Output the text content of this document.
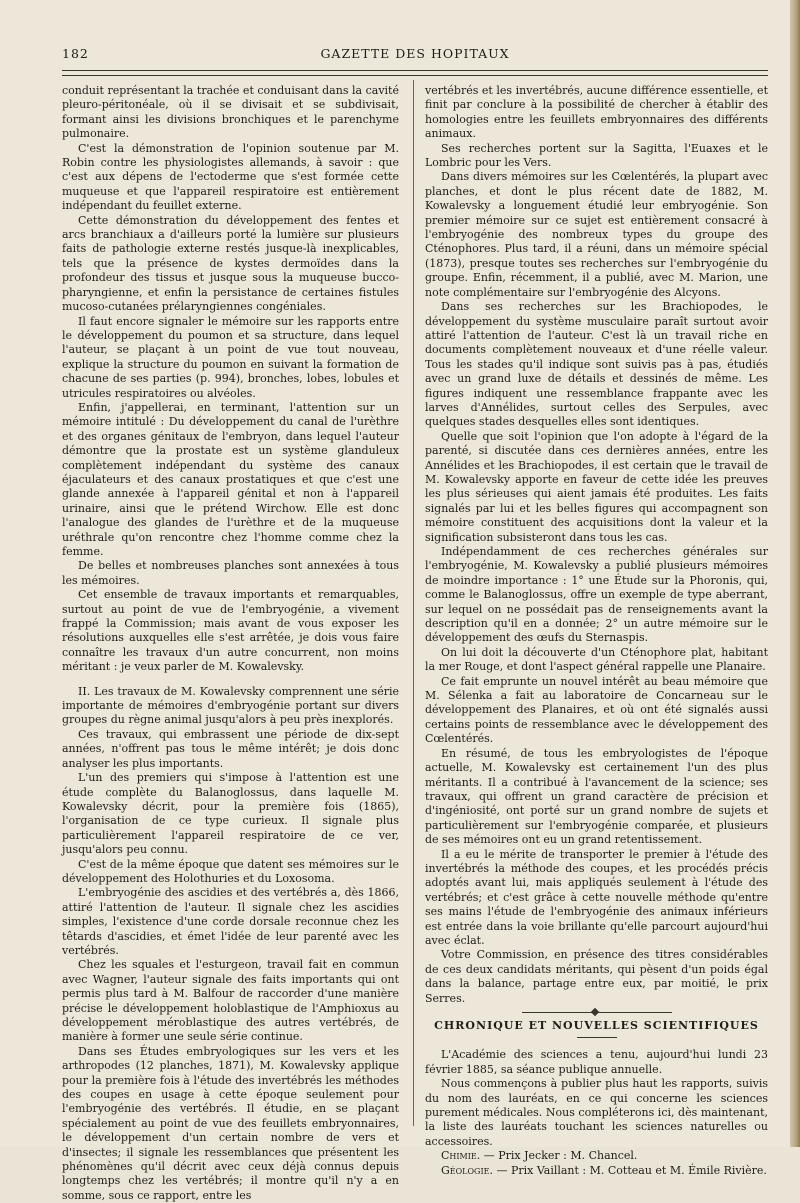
182	GAZETTE DES HOPITAUX

conduit représentant la trachée et conduisant dans la cavité pleuro-péritonéale, où il se divisait et se subdivisait, formant ainsi les divisions bronchiques et le parenchyme pulmonaire.

C'est la démonstration de l'opinion soutenue par M. Robin contre les physiologistes allemands, à savoir : que c'est aux dépens de l'ectoderme que s'est formée cette muqueuse et que l'appareil respiratoire est entièrement indépendant du feuillet externe.

Cette démonstration du développement des fentes et arcs branchiaux a d'ailleurs porté la lumière sur plusieurs faits de pathologie externe restés jusque-là inexplicables, tels que la présence de kystes dermoïdes dans la profondeur des tissus et jusque sous la muqueuse bucco-pharyngienne, et enfin la persistance de certaines fistules mucoso-cutanées prélaryngiennes congéniales.

Il faut encore signaler le mémoire sur les rapports entre le développement du poumon et sa structure, dans lequel l'auteur, se plaçant à un point de vue tout nouveau, explique la structure du poumon en suivant la formation de chacune de ses parties (p. 994), bronches, lobes, lobules et utricules respiratoires ou alvéoles.

Enfin, j'appellerai, en terminant, l'attention sur un mémoire intitulé : Du développement du canal de l'urèthre et des organes génitaux de l'embryon, dans lequel l'auteur démontre que la prostate est un système glanduleux complètement indépendant du système des canaux éjaculateurs et des canaux prostatiques et que c'est une glande annexée à l'appareil génital et non à l'appareil urinaire, ainsi que le prétend Wirchow. Elle est donc l'analogue des glandes de l'urèthre et de la muqueuse uréthrale qu'on rencontre chez l'homme comme chez la femme.

De belles et nombreuses planches sont annexées à tous les mémoires.

Cet ensemble de travaux importants et remarquables, surtout au point de vue de l'embryogénie, a vivement frappé la Commission; mais avant de vous exposer les résolutions auxquelles elle s'est arrêtée, je dois vous faire connaître les travaux d'un autre concurrent, non moins méritant : je veux parler de M. Kowalevsky.

II. Les travaux de M. Kowalevsky comprennent une série importante de mémoires d'embryogénie portant sur divers groupes du règne animal jusqu'alors à peu près inexplorés.

Ces travaux, qui embrassent une période de dix-sept années, n'offrent pas tous le même intérêt; je dois donc analyser les plus importants.

L'un des premiers qui s'impose à l'attention est une étude complète du Balanoglossus, dans laquelle M. Kowalevsky décrit, pour la première fois (1865), l'organisation de ce type curieux. Il signale plus particulièrement l'appareil respiratoire de ce ver, jusqu'alors peu connu.

C'est de la même époque que datent ses mémoires sur le développement des Holothuries et du Loxosoma.

L'embryogénie des ascidies et des vertébrés a, dès 1866, attiré l'attention de l'auteur. Il signale chez les ascidies simples, l'existence d'une corde dorsale reconnue chez les têtards d'ascidies, et émet l'idée de leur parenté avec les vertébrés.

Chez les squales et l'esturgeon, travail fait en commun avec Wagner, l'auteur signale des faits importants qui ont permis plus tard à M. Balfour de raccorder d'une manière précise le développement holoblastique de l'Amphioxus au développement méroblastique des autres vertébrés, de manière à former une seule série continue.

Dans ses Études embryologiques sur les vers et les arthropodes (12 planches, 1871), M. Kowalevsky applique pour la première fois à l'étude des invertébrés les méthodes des coupes en usage à cette époque seulement pour l'embryogénie des vertébrés. Il étudie, en se plaçant spécialement au point de vue des feuillets embryonnaires, le développement d'un certain nombre de vers et d'insectes; il signale les ressemblances que présentent les phénomènes qu'il décrit avec ceux déjà connus depuis longtemps chez les vertébrés; il montre qu'il n'y a en somme, sous ce rapport, entre les

vertébrés et les invertébrés, aucune différence essentielle, et finit par conclure à la possibilité de chercher à établir des homologies entre les feuillets embryonnaires des différents animaux.

Ses recherches portent sur la Sagitta, l'Euaxes et le Lombric pour les Vers.

Dans divers mémoires sur les Cœlentérés, la plupart avec planches, et dont le plus récent date de 1882, M. Kowalevsky a longuement étudié leur embryogénie. Son premier mémoire sur ce sujet est entièrement consacré à l'embryogénie des nombreux types du groupe des Cténophores. Plus tard, il a réuni, dans un mémoire spécial (1873), presque toutes ses recherches sur l'embryogénie du groupe. Enfin, récemment, il a publié, avec M. Marion, une note complémentaire sur l'embryogénie des Alcyons.

Dans ses recherches sur les Brachiopodes, le développement du système musculaire paraît surtout avoir attiré l'attention de l'auteur. C'est là un travail riche en documents complètement nouveaux et d'une réelle valeur. Tous les stades qu'il indique sont suivis pas à pas, étudiés avec un grand luxe de détails et dessinés de même. Les figures indiquent une ressemblance frappante avec les larves d'Annélides, surtout celles des Serpules, avec quelques stades desquelles elles sont identiques.

Quelle que soit l'opinion que l'on adopte à l'égard de la parenté, si discutée dans ces dernières années, entre les Annélides et les Brachiopodes, il est certain que le travail de M. Kowalevsky apporte en faveur de cette idée les preuves les plus sérieuses qui aient jamais été produites. Les faits signalés par lui et les belles figures qui accompagnent son mémoire constituent des acquisitions dont la valeur et la signification subsisteront dans tous les cas.

Indépendamment de ces recherches générales sur l'embryogénie, M. Kowalevsky a publié plusieurs mémoires de moindre importance : 1° une Étude sur la Phoronis, qui, comme le Balanoglossus, offre un exemple de type aberrant, sur lequel on ne possédait pas de renseignements avant la description qu'il en a donnée; 2° un autre mémoire sur le développement des œufs du Sternaspis.

On lui doit la découverte d'un Cténophore plat, habitant la mer Rouge, et dont l'aspect général rappelle une Planaire.

Ce fait emprunte un nouvel intérêt au beau mémoire que M. Sélenka a fait au laboratoire de Concarneau sur le développement des Planaires, et où ont été signalés aussi certains points de ressemblance avec le développement des Cœlentérés.

En résumé, de tous les embryologistes de l'époque actuelle, M. Kowalevsky est certainement l'un des plus méritants. Il a contribué à l'avancement de la science; ses travaux, qui offrent un grand caractère de précision et d'ingéniosité, ont porté sur un grand nombre de sujets et particulièrement sur l'embryogénie comparée, et plusieurs de ses mémoires ont eu un grand retentissement.

Il a eu le mérite de transporter le premier à l'étude des invertébrés la méthode des coupes, et les procédés précis adoptés avant lui, mais appliqués seulement à l'étude des vertébrés; et c'est grâce à cette nouvelle méthode qu'entre ses mains l'étude de l'embryogénie des animaux inférieurs est entrée dans la voie brillante qu'elle parcourt aujourd'hui avec éclat.

Votre Commission, en présence des titres considérables de ces deux candidats méritants, qui pèsent d'un poids égal dans la balance, partage entre eux, par moitié, le prix Serres.

CHRONIQUE ET NOUVELLES SCIENTIFIQUES

L'Académie des sciences a tenu, aujourd'hui lundi 23 février 1885, sa séance publique annuelle.

Nous commençons à publier plus haut les rapports, suivis du nom des lauréats, en ce qui concerne les sciences purement médicales. Nous compléterons ici, dès maintenant, la liste des lauréats touchant les sciences naturelles ou accessoires.

Chimie. — Prix Jecker : M. Chancel.

Géologie. — Prix Vaillant : M. Cotteau et M. Émile Rivière.
